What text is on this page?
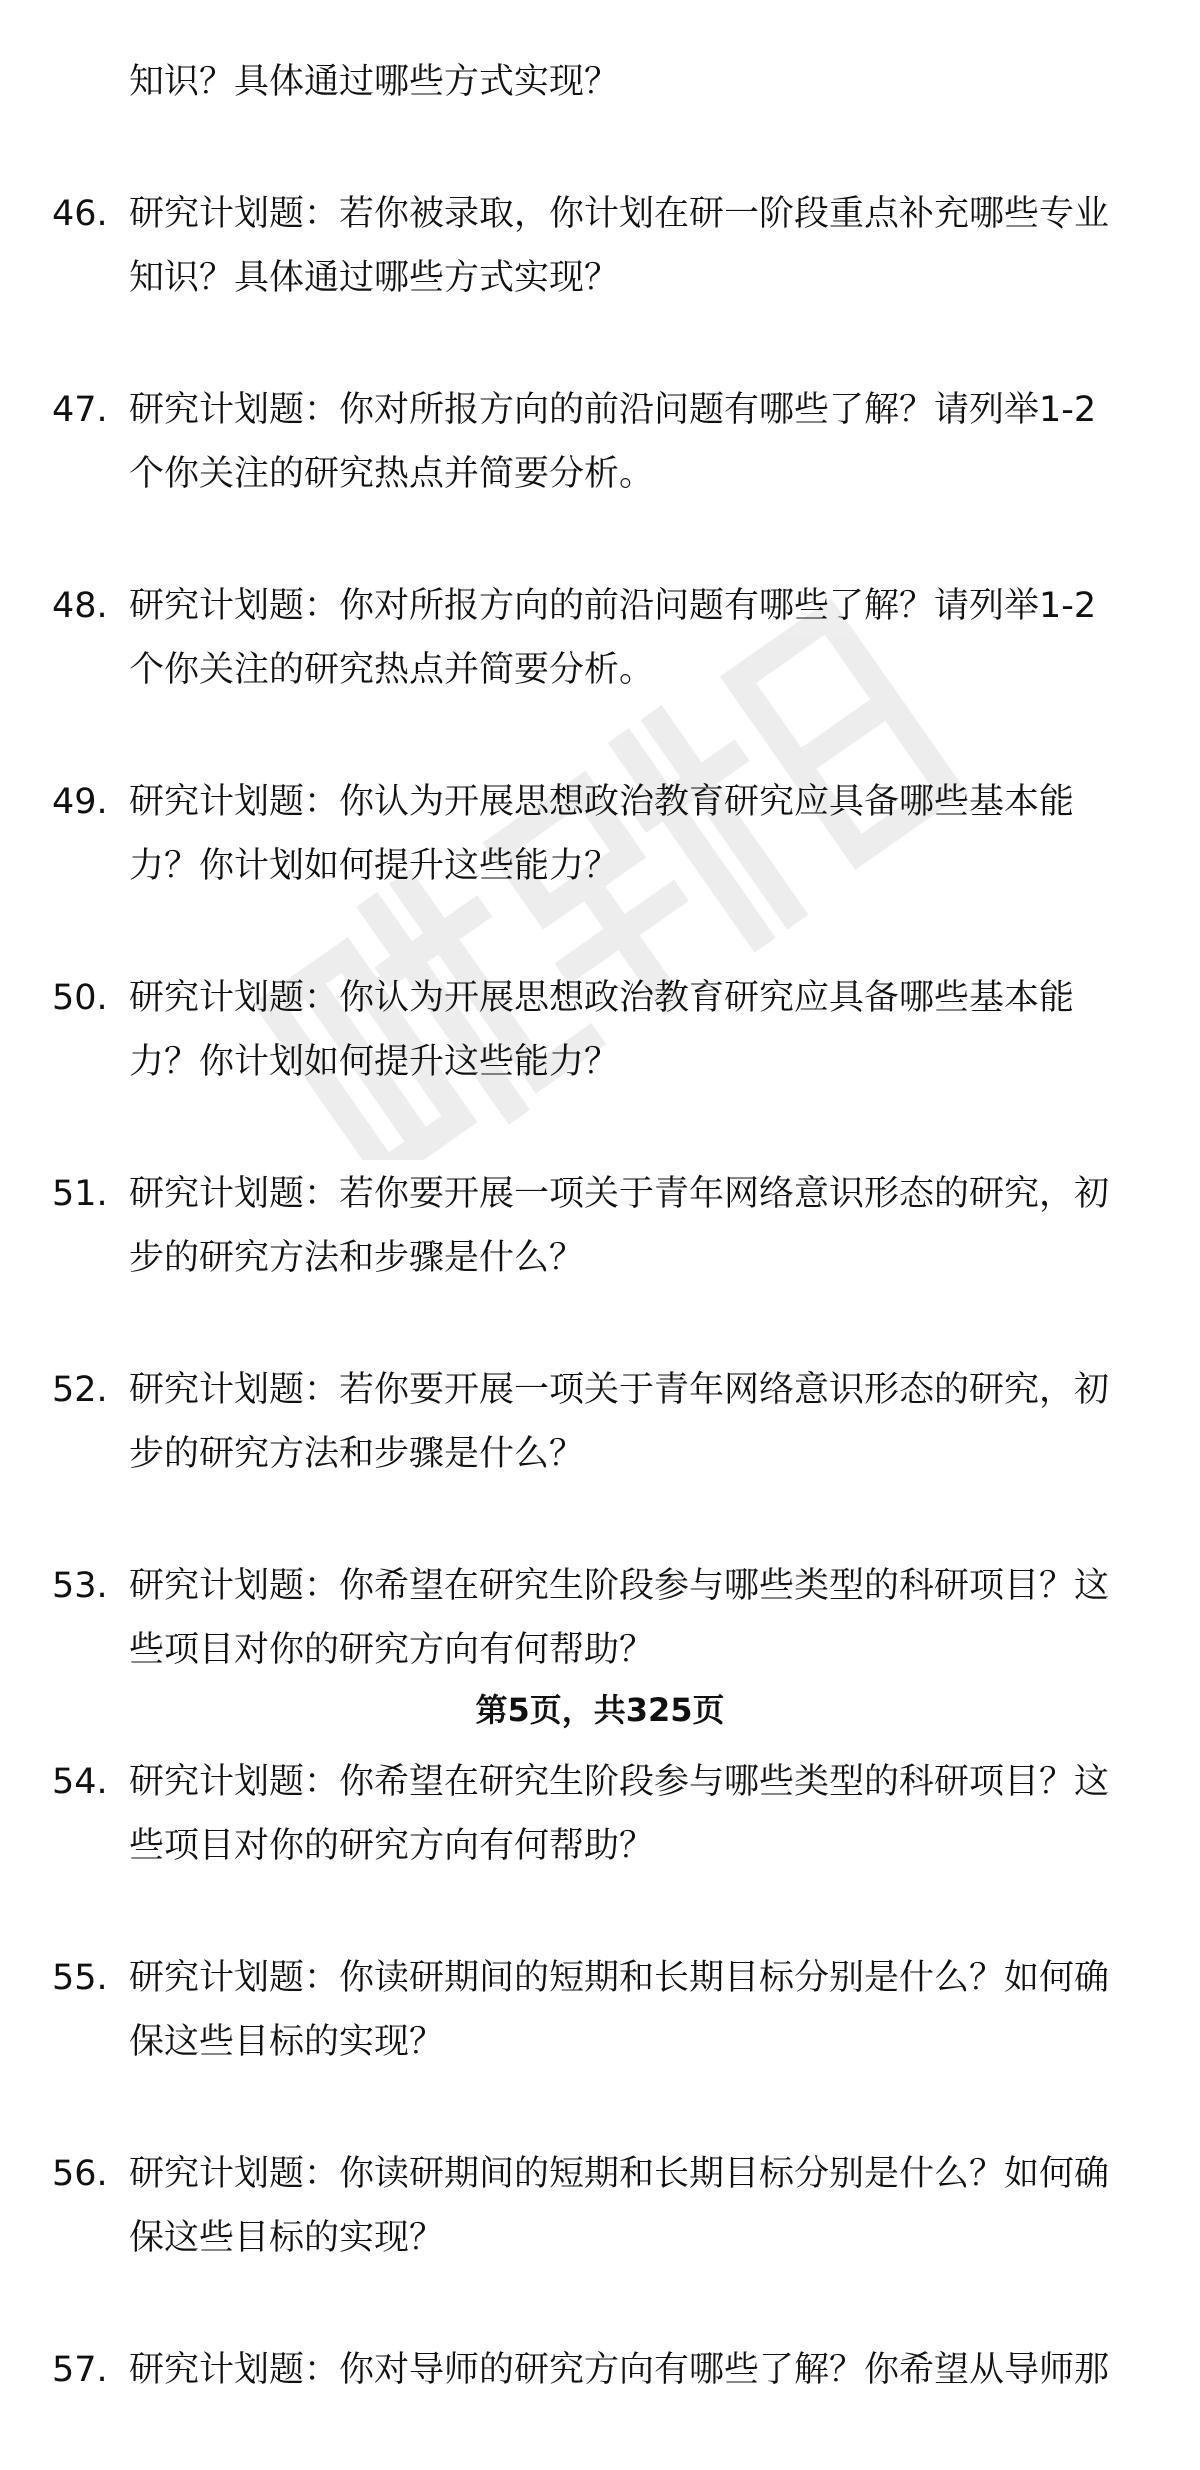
知识？具体通过哪些方式实现？
46. 研究计划题：若你被录取，你计划在研一阶段重点补充哪些专业
知识？具体通过哪些方式实现？
47. 研究计划题：你对所报方向的前沿问题有哪些了解？请列举1-2
个你关注的研究热点并简要分析。
48. 研究计划题：你对所报方向的前沿问题有哪些了解？请列举1-2
个你关注的研究热点并简要分析。
49. 研究计划题：你认为开展思想政治教育研究应具备哪些基本能
力？你计划如何提升这些能力？
50. 研究计划题：你认为开展思想政治教育研究应具备哪些基本能
力？你计划如何提升这些能力？
51. 研究计划题：若你要开展一项关于青年网络意识形态的研究，初
步的研究方法和步骤是什么？
52. 研究计划题：若你要开展一项关于青年网络意识形态的研究，初
步的研究方法和步骤是什么？
53. 研究计划题：你希望在研究生阶段参与哪些类型的科研项目？这
些项目对你的研究方向有何帮助？
54. 研究计划题：你希望在研究生阶段参与哪些类型的科研项目？这
些项目对你的研究方向有何帮助？
55. 研究计划题：你读研期间的短期和长期目标分别是什么？如何确
保这些目标的实现？
56. 研究计划题：你读研期间的短期和长期目标分别是什么？如何确
保这些目标的实现？
57. 研究计划题：你对导师的研究方向有哪些了解？你希望从导师那
第5页，共325页
